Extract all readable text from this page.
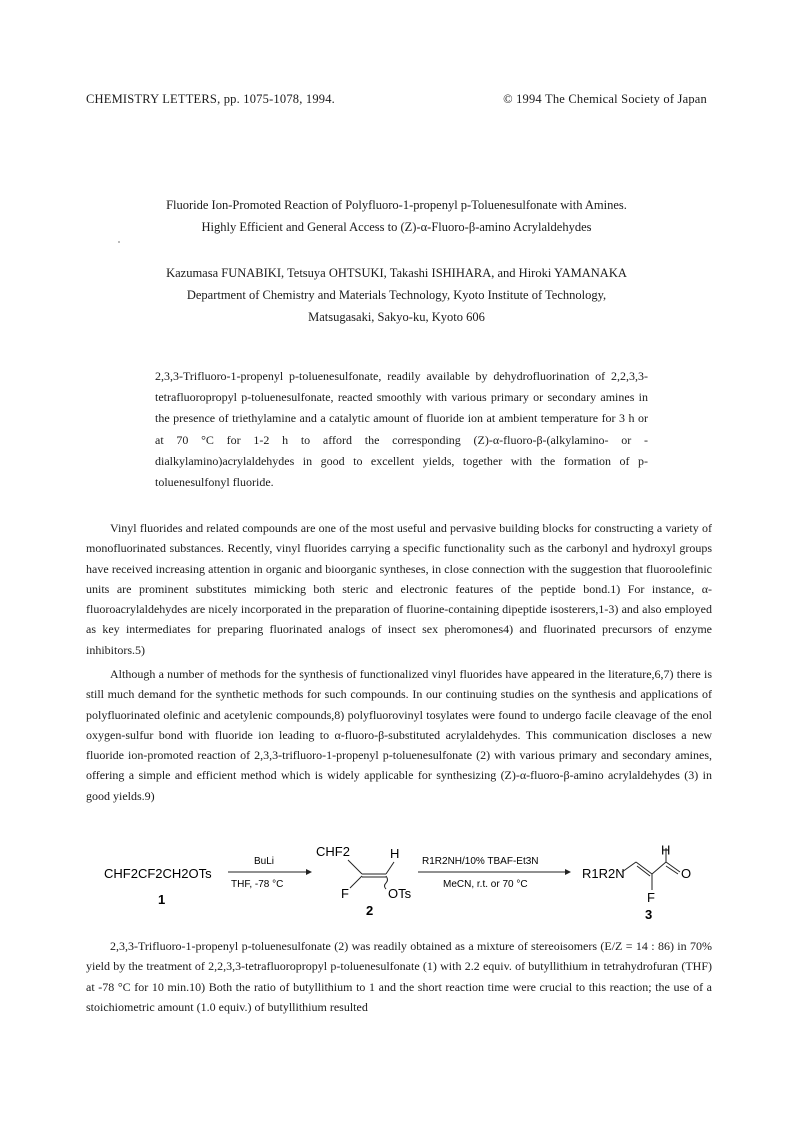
CHEMISTRY LETTERS, pp. 1075-1078, 1994.	© 1994 The Chemical Society of Japan
Fluoride Ion-Promoted Reaction of Polyfluoro-1-propenyl p-Toluenesulfonate with Amines.
Highly Efficient and General Access to (Z)-α-Fluoro-β-amino Acrylaldehydes
Kazumasa FUNABIKI, Tetsuya OHTSUKI, Takashi ISHIHARA, and Hiroki YAMANAKA
Department of Chemistry and Materials Technology, Kyoto Institute of Technology,
Matsugasaki, Sakyo-ku, Kyoto 606
2,3,3-Trifluoro-1-propenyl p-toluenesulfonate, readily available by dehydrofluorination of 2,2,3,3-tetrafluoropropyl p-toluenesulfonate, reacted smoothly with various primary or secondary amines in the presence of triethylamine and a catalytic amount of fluoride ion at ambient temperature for 3 h or at 70 °C for 1-2 h to afford the corresponding (Z)-α-fluoro-β-(alkylamino- or -dialkylamino)acrylaldehydes in good to excellent yields, together with the formation of p-toluenesulfonyl fluoride.
Vinyl fluorides and related compounds are one of the most useful and pervasive building blocks for constructing a variety of monofluorinated substances. Recently, vinyl fluorides carrying a specific functionality such as the carbonyl and hydroxyl groups have received increasing attention in organic and bioorganic syntheses, in close connection with the suggestion that fluoroolefinic units are prominent substitutes mimicking both steric and electronic features of the peptide bond.1) For instance, α-fluoroacrylaldehydes are nicely incorporated in the preparation of fluorine-containing dipeptide isosterers,1-3) and also employed as key intermediates for preparing fluorinated analogs of insect sex pheromones4) and fluorinated precursors of enzyme inhibitors.5)
Although a number of methods for the synthesis of functionalized vinyl fluorides have appeared in the literature,6,7) there is still much demand for the synthetic methods for such compounds. In our continuing studies on the synthesis and applications of polyfluorinated olefinic and acetylenic compounds,8) polyfluorovinyl tosylates were found to undergo facile cleavage of the enol oxygen-sulfur bond with fluoride ion leading to α-fluoro-β-substituted acrylaldehydes. This communication discloses a new fluoride ion-promoted reaction of 2,3,3-trifluoro-1-propenyl p-toluenesulfonate (2) with various primary and secondary amines, offering a simple and efficient method which is widely applicable for synthesizing (Z)-α-fluoro-β-amino acrylaldehydes (3) in good yields.9)
CHF2CF2CH2OTs
1
BuLi
THF, -78 °C
CHF2	H
F	OTs
2
R1R2NH/10% TBAF-Et3N
MeCN, r.t. or 70 °C
R1R2N
H
O
F
3
2,3,3-Trifluoro-1-propenyl p-toluenesulfonate (2) was readily obtained as a mixture of stereoisomers (E/Z = 14 : 86) in 70% yield by the treatment of 2,2,3,3-tetrafluoropropyl p-toluenesulfonate (1) with 2.2 equiv. of butyllithium in tetrahydrofuran (THF) at -78 °C for 10 min.10) Both the ratio of butyllithium to 1 and the short reaction time were crucial to this reaction; the use of a stoichiometric amount (1.0 equiv.) of butyllithium resulted
